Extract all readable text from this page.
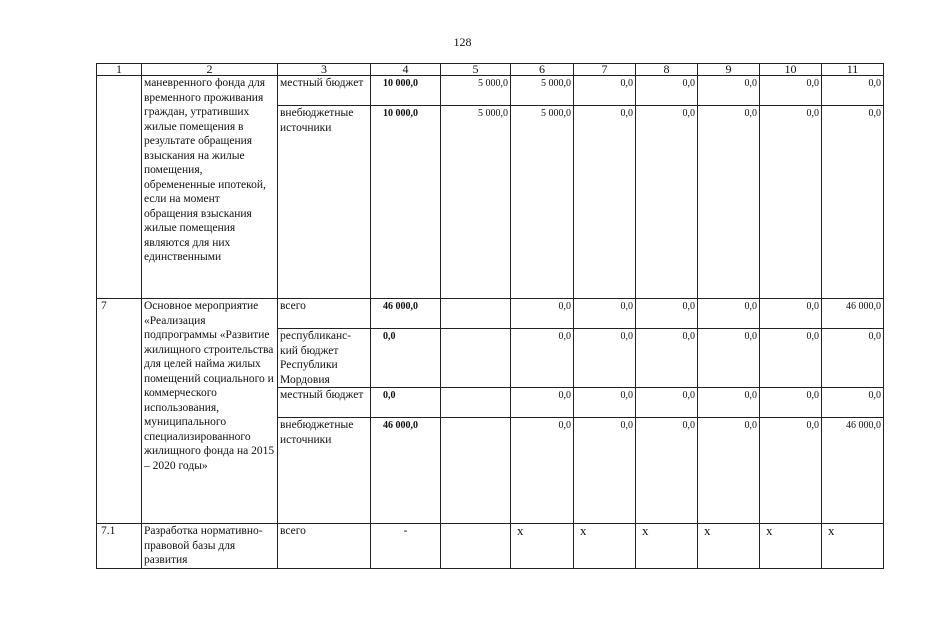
128
1	2	3	4	5	6	7	8	9	10	11
	маневренного фонда для временного проживания граждан, утративших жилые помещения в результате обращения взыскания на жилые помещения, обремененные ипотекой, если на момент обращения взыскания жилые помещения являются для них единственными	местный бюджет	10 000,0	5 000,0	5 000,0	0,0	0,0	0,0	0,0	0,0
		внебюджетные источники	10 000,0	5 000,0	5 000,0	0,0	0,0	0,0	0,0	0,0
7	Основное мероприятие «Реализация подпрограммы «Развитие жилищного строительства для целей найма жилых помещений социального и коммерческого использования, муниципального специализированного жилищного фонда на 2015 – 2020 годы»	всего	46 000,0		0,0	0,0	0,0	0,0	0,0	46 000,0
		республиканс-кий бюджет Республики Мордовия	0,0		0,0	0,0	0,0	0,0	0,0	0,0
		местный бюджет	0,0		0,0	0,0	0,0	0,0	0,0	0,0
		внебюджетные источники	46 000,0		0,0	0,0	0,0	0,0	0,0	46 000,0
7.1	Разработка нормативно-правовой базы для развития	всего	-		х	х	х	х	х	х
